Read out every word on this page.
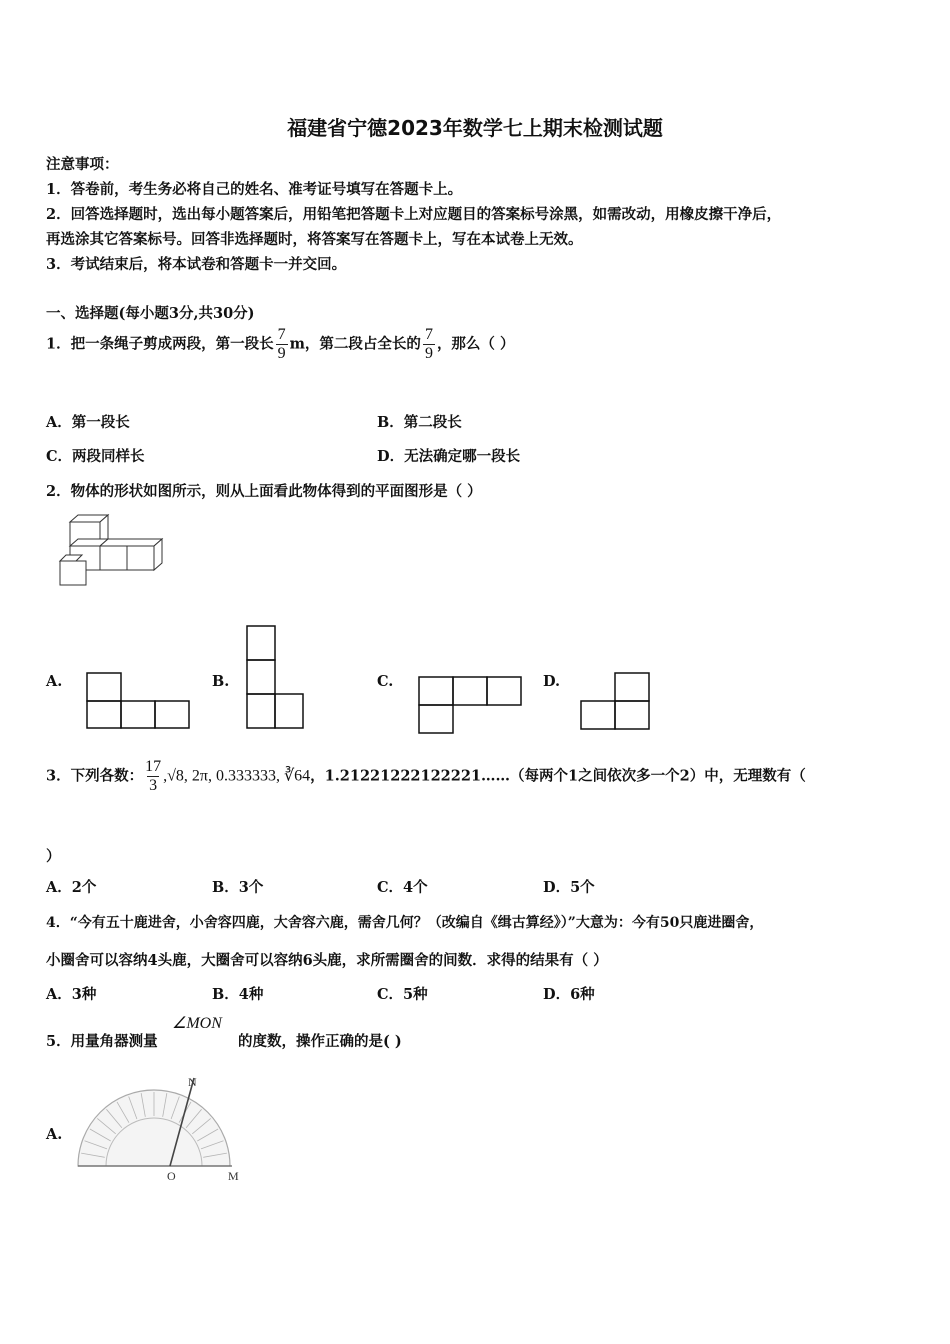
福建省宁德2023年数学七上期末检测试题
注意事项：
1．答卷前，考生务必将自己的姓名、准考证号填写在答题卡上。
2．回答选择题时，选出每小题答案后，用铅笔把答题卡上对应题目的答案标号涂黑，如需改动，用橡皮擦干净后，
再选涂其它答案标号。回答非选择题时，将答案写在答题卡上，写在本试卷上无效。
3．考试结束后，将本试卷和答题卡一并交回。
一、选择题(每小题3分,共30分)
1．把一条绳子剪成两段，第一段长 $\frac{7}{9}$ m，第二段占全长的 $\frac{7}{9}$ ，那么（ ）
A．第一段长	B．第二段长
C．两段同样长	D．无法确定哪一段长
2．物体的形状如图所示，则从上面看此物体得到的平面图形是（ ）
A.	B.	C.	D.
3．下列各数： $\frac{17}{3} ,√8$, 2π, 0.333333, ∛64，1.21221222122221……（每两个1之间依次多一个2）中，无理数有（
）
A．2个	B．3个	C．4个	D．5个
4．“今有五十鹿进舍，小舍容四鹿，大舍容六鹿，需舍几何？（改编自《缉古算经》）”大意为：今有50只鹿进圈舍，
小圈舍可以容纳4头鹿，大圈舍可以容纳6头鹿，求所需圈舍的间数．求得的结果有（ ）
A．3种	B．4种	C．5种	D．6种
5．用量角器测量
∠MON
的度数，操作正确的是( )
A.
N
O	M
